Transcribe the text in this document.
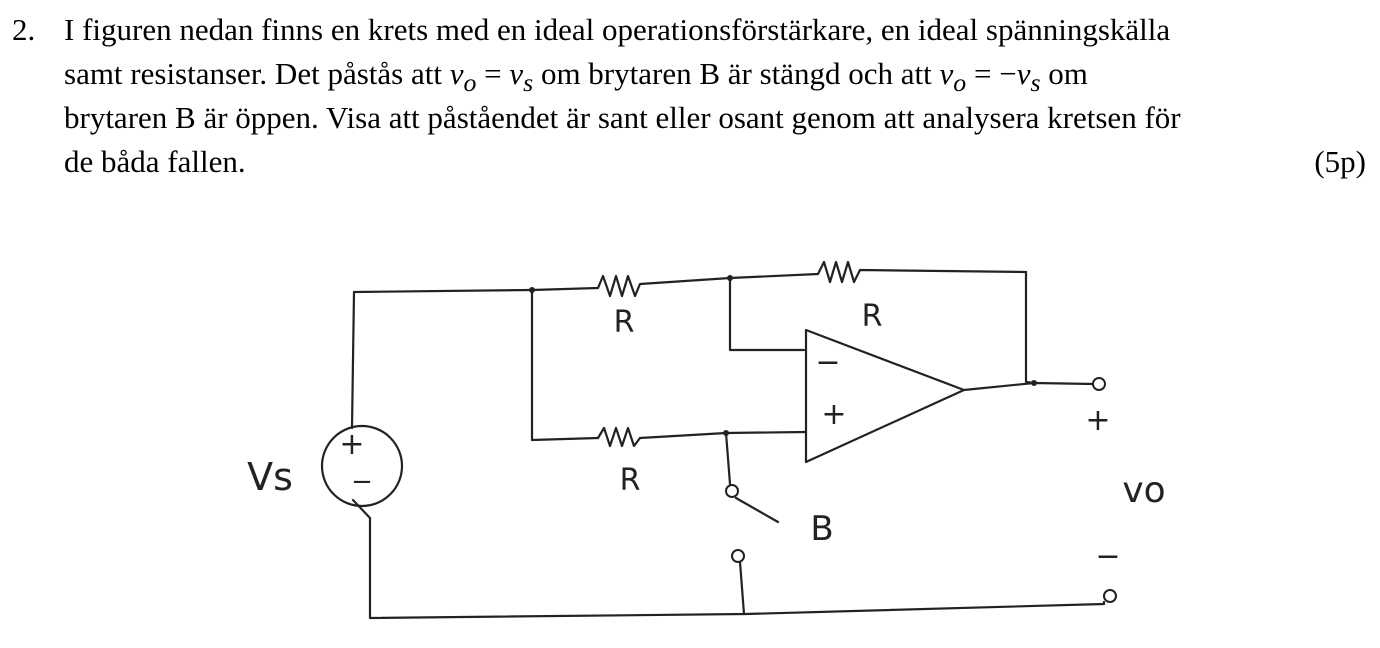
2. I figuren nedan finns en krets med en ideal operationsförstärkare, en ideal spänningskälla
samt resistanser. Det påstås att $v_o = v_s$ om brytaren B är stängd och att $v_o = -v_s$ om
brytaren B är öppen. Visa att påståendet är sant eller osant genom att analysera kretsen för
de båda fallen.	(5p)
+
−
Vs
R	R
R
−
+
B
+
vo
−
